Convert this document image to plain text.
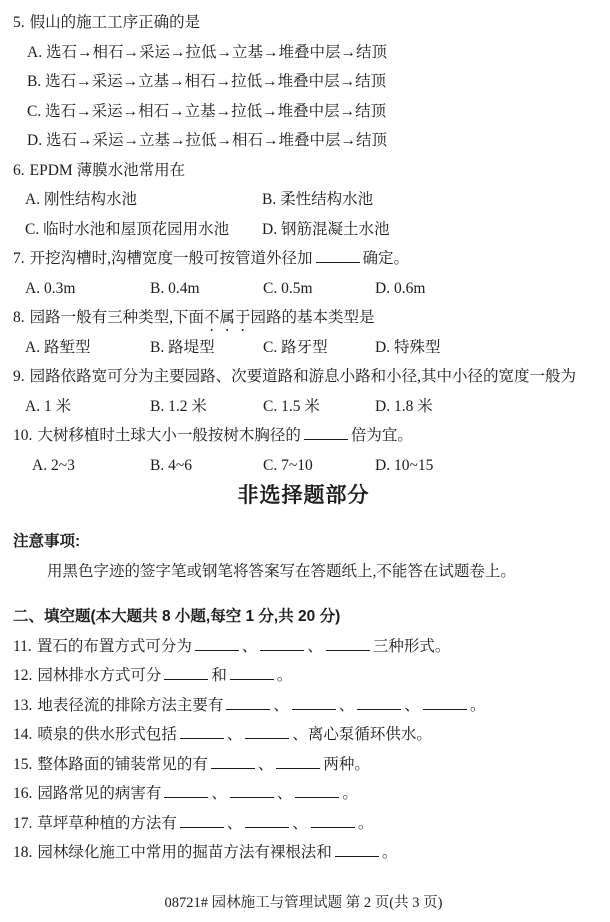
5. 假山的施工工序正确的是
A. 选石→相石→采运→拉低→立基→堆叠中层→结顶
B. 选石→采运→立基→相石→拉低→堆叠中层→结顶
C. 选石→采运→相石→立基→拉低→堆叠中层→结顶
D. 选石→采运→立基→拉低→相石→堆叠中层→结顶
6. EPDM 薄膜水池常用在
A. 刚性结构水池	B. 柔性结构水池
C. 临时水池和屋顶花园用水池	D. 钢筋混凝土水池
7. 开挖沟槽时,沟槽宽度一般可按管道外径加	确定。
A. 0.3m	B. 0.4m	C. 0.5m	D. 0.6m
8. 园路一般有三种类型,下面不属于园路的基本类型是
A. 路堑型	B. 路堤型	C. 路牙型	D. 特殊型
9. 园路依路宽可分为主要园路、次要道路和游息小路和小径,其中小径的宽度一般为
A. 1 米	B. 1.2 米	C. 1.5 米	D. 1.8 米
10. 大树移植时土球大小一般按树木胸径的	倍为宜。
A. 2~3	B. 4~6	C. 7~10	D. 10~15
非选择题部分
注意事项:
用黑色字迹的签字笔或钢笔将答案写在答题纸上,不能答在试题卷上。
二、填空题(本大题共 8 小题,每空 1 分,共 20 分)
11. 置石的布置方式可分为	、	、	三种形式。
12. 园林排水方式可分	和	。
13. 地表径流的排除方法主要有	、	、	、	。
14. 喷泉的供水形式包括	、	、离心泵循环供水。
15. 整体路面的铺装常见的有	、	两种。
16. 园路常见的病害有	、	、	。
17. 草坪草种植的方法有	、	、	。
18. 园林绿化施工中常用的掘苗方法有裸根法和	。
08721# 园林施工与管理试题 第 2 页(共 3 页)
